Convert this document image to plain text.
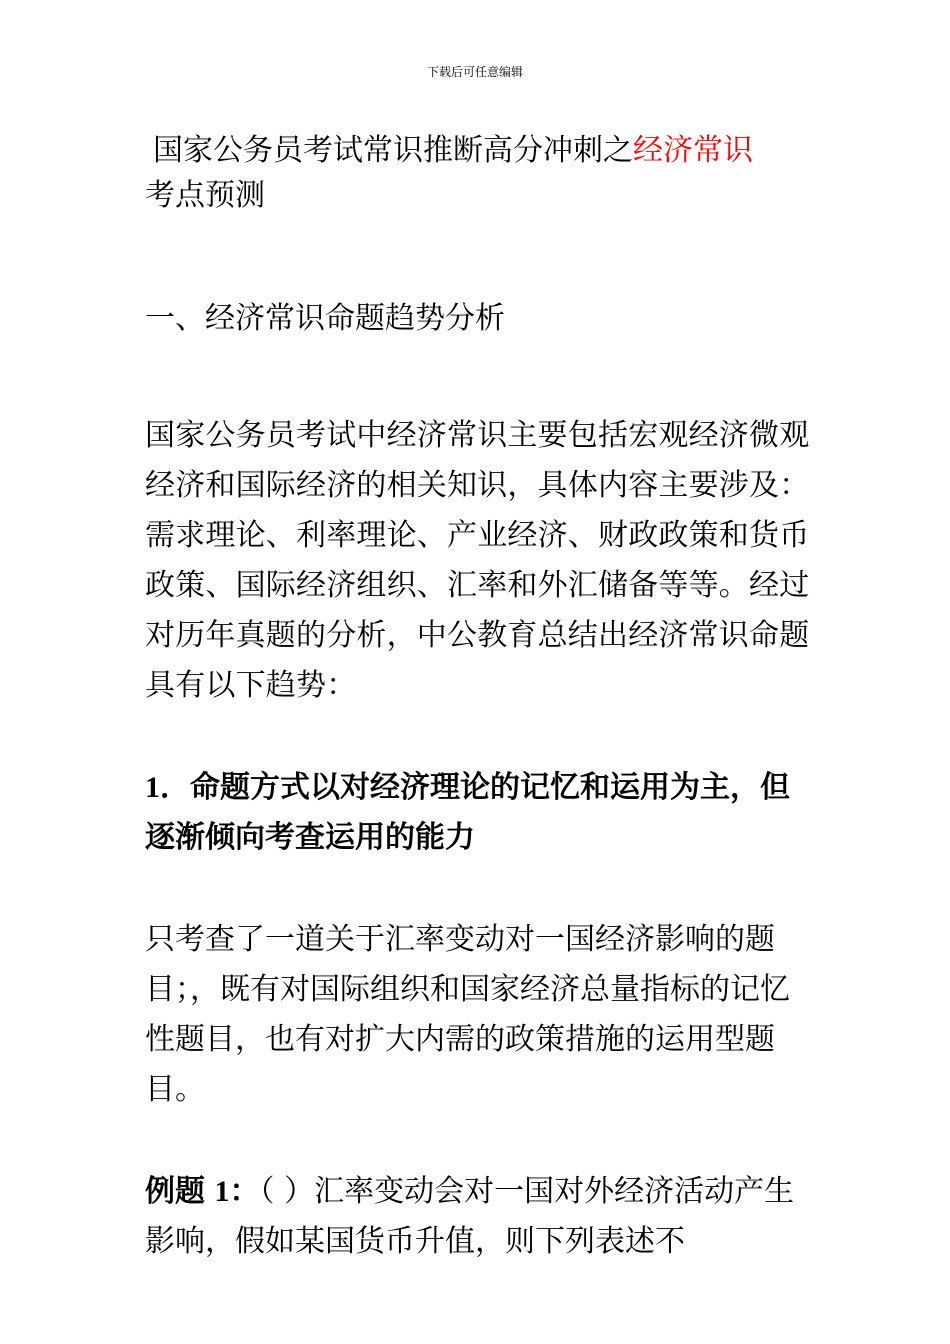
下载后可任意编辑

国家公务员考试常识推断高分冲刺之经济常识

考点预测

一、经济常识命题趋势分析

国家公务员考试中经济常识主要包括宏观经济微观经济和国际经济的相关知识，具体内容主要涉及：需求理论、利率理论、产业经济、财政政策和货币政策、国际经济组织、汇率和外汇储备等等。经过对历年真题的分析，中公教育总结出经济常识命题具有以下趋势：

1．命题方式以对经济理论的记忆和运用为主，但逐渐倾向考查运用的能力

只考查了一道关于汇率变动对一国经济影响的题目；，既有对国际组织和国家经济总量指标的记忆性题目，也有对扩大内需的政策措施的运用型题目。

例题 1：（ ）汇率变动会对一国对外经济活动产生影响，假如某国货币升值，则下列表述不
